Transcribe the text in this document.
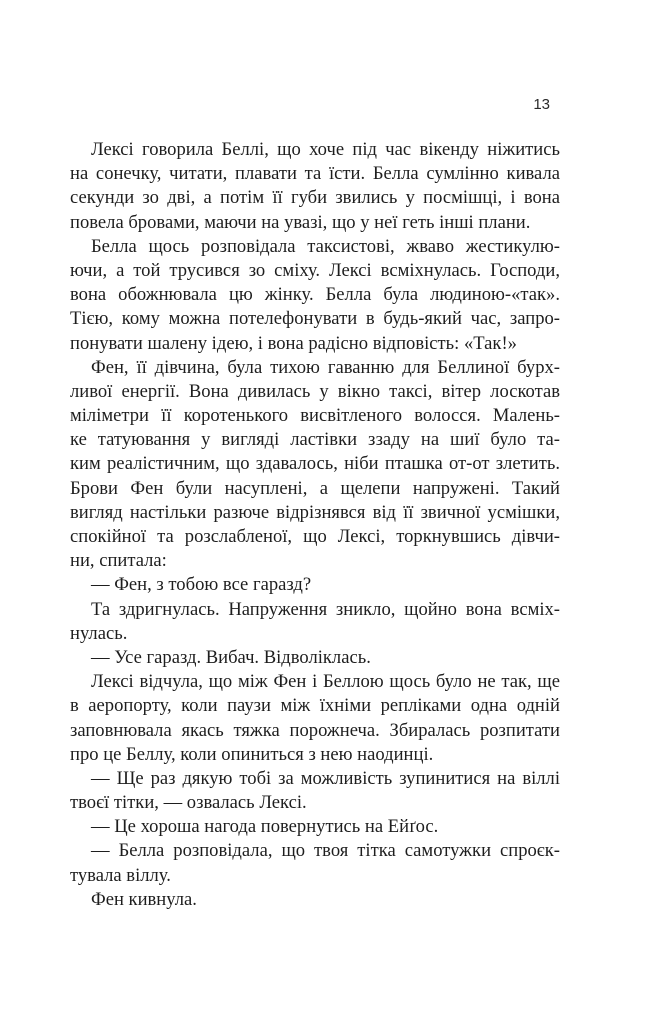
13
Лексі говорила Беллі, що хоче під час вікенду ніжитись
на сонечку, читати, плавати та їсти. Белла сумлінно кивала
секунди зо дві, а потім її губи звились у посмішці, і вона
повела бровами, маючи на увазі, що у неї геть інші плани.
Белла щось розповідала таксистові, жваво жестикулю-
ючи, а той трусився зо сміху. Лексі всміхнулась. Господи,
вона обожнювала цю жінку. Белла була людиною-«так».
Тією, кому можна потелефонувати в будь-який час, запро-
понувати шалену ідею, і вона радісно відповість: «Так!»
Фен, її дівчина, була тихою гаванню для Беллиної бурх-
ливої енергії. Вона дивилась у вікно таксі, вітер лоскотав
міліметри її коротенького висвітленого волосся. Малень-
ке татуювання у вигляді ластівки ззаду на шиї було та-
ким реалістичним, що здавалось, ніби пташка от-от злетить.
Брови Фен були насуплені, а щелепи напружені. Такий
вигляд настільки разюче відрізнявся від її звичної усмішки,
спокійної та розслабленої, що Лексі, торкнувшись дівчи-
ни, спитала:
— Фен, з тобою все гаразд?
Та здригнулась. Напруження зникло, щойно вона всміх-
нулась.
— Усе гаразд. Вибач. Відволіклась.
Лексі відчула, що між Фен і Беллою щось було не так, ще
в аеропорту, коли паузи між їхніми репліками одна одній
заповнювала якась тяжка порожнеча. Збиралась розпитати
про це Беллу, коли опиниться з нею наодинці.
— Ще раз дякую тобі за можливість зупинитися на віллі
твоєї тітки, — озвалась Лексі.
— Це хороша нагода повернутись на Ейґос.
— Белла розповідала, що твоя тітка самотужки спроєк-
тувала віллу.
Фен кивнула.
